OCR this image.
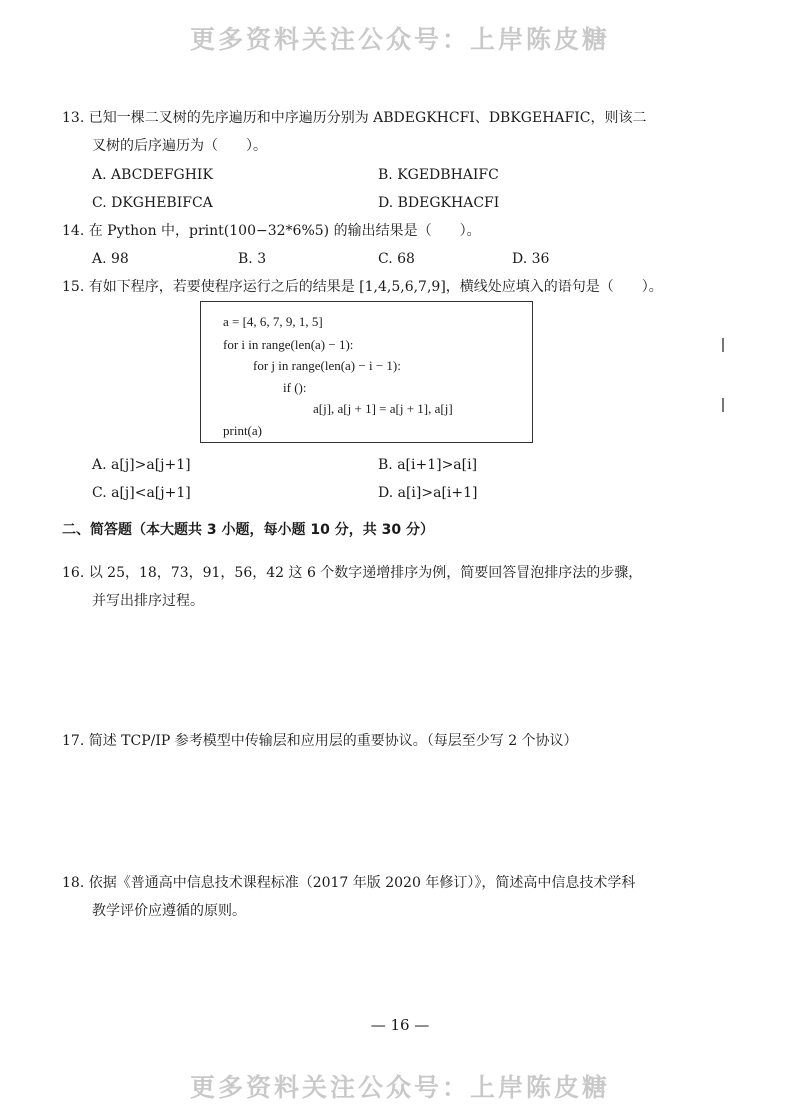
更多资料关注公众号：上岸陈皮糖
13. 已知一棵二叉树的先序遍历和中序遍历分别为 ABDEGKHCFI、DBKGEHAFIC，则该二
叉树的后序遍历为（　　）。
A. ABCDEFGHIK	B. KGEDBHAIFC
C. DKGHEBIFCA	D. BDEGKHACFI
14. 在 Python 中，print(100−32*6%5) 的输出结果是（　　）。
A. 98	B. 3	C. 68	D. 36
15. 有如下程序，若要使程序运行之后的结果是 [1,4,5,6,7,9]，横线处应填入的语句是（　　）。
a = [4, 6, 7, 9, 1, 5]
for i in range(len(a) − 1):
for j in range(len(a) − i − 1):
if ():
a[j], a[j + 1] = a[j + 1], a[j]
print(a)
A. a[j]>a[j+1]	B. a[i+1]>a[i]
C. a[j]<a[j+1]	D. a[i]>a[i+1]
二、简答题（本大题共 3 小题，每小题 10 分，共 30 分）
16. 以 25，18，73，91，56，42 这 6 个数字递增排序为例，简要回答冒泡排序法的步骤，
并写出排序过程。
17. 简述 TCP/IP 参考模型中传输层和应用层的重要协议。（每层至少写 2 个协议）
18. 依据《普通高中信息技术课程标准（2017 年版 2020 年修订）》，简述高中信息技术学科
教学评价应遵循的原则。
— 16 —
更多资料关注公众号：上岸陈皮糖
